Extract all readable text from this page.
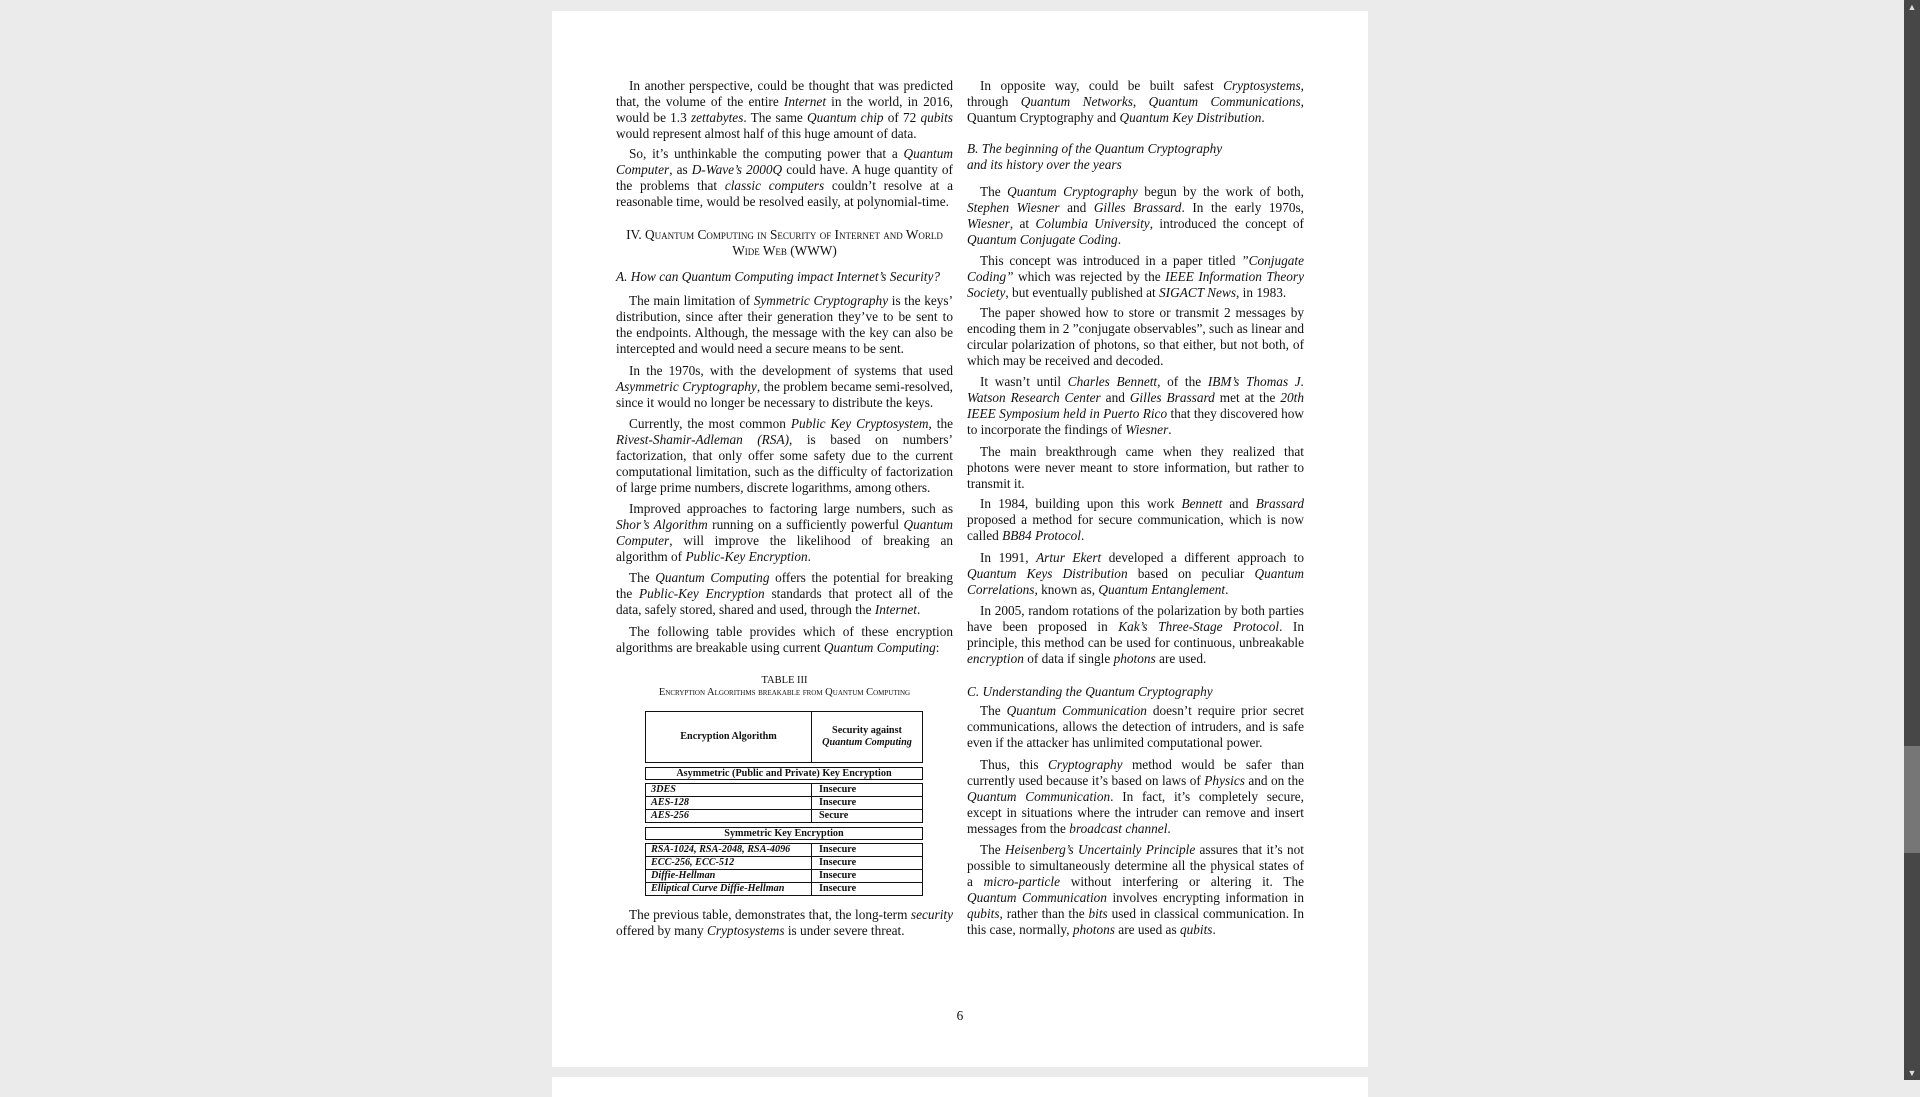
In another perspective, could be thought that was predicted that, the volume of the entire Internet in the world, in 2016, would be 1.3 zettabytes. The same Quantum chip of 72 qubits would represent almost half of this huge amount of data.

So, it’s unthinkable the computing power that a Quantum Computer, as D-Wave’s 2000Q could have. A huge quantity of the problems that classic computers couldn’t resolve at a reasonable time, would be resolved easily, at polynomial-time.

IV. Quantum Computing in Security of Internet and World Wide Web (WWW)
A. How can Quantum Computing impact Internet’s Security?

The main limitation of Symmetric Cryptography is the keys’ distribution, since after their generation they’ve to be sent to the endpoints. Although, the message with the key can also be intercepted and would need a secure means to be sent.

In the 1970s, with the development of systems that used Asymmetric Cryptography, the problem became semi-resolved, since it would no longer be necessary to distribute the keys.

Currently, the most common Public Key Cryptosystem, the Rivest-Shamir-Adleman (RSA), is based on numbers’ factorization, that only offer some safety due to the current computational limitation, such as the difficulty of factorization of large prime numbers, discrete logarithms, among others.

Improved approaches to factoring large numbers, such as Shor’s Algorithm running on a sufficiently powerful Quantum Computer, will improve the likelihood of breaking an algorithm of Public-Key Encryption.

The Quantum Computing offers the potential for breaking the Public-Key Encryption standards that protect all of the data, safely stored, shared and used, through the Internet.

The following table provides which of these encryption algorithms are breakable using current Quantum Computing:

TABLE III
Encryption Algorithms breakable from Quantum Computing
Encryption Algorithm
Security against
Quantum Computing
Asymmetric (Public and Private) Key Encryption
3DES	Insecure
AES-128	Insecure
AES-256	Secure
Symmetric Key Encryption
RSA-1024, RSA-2048, RSA-4096	Insecure
ECC-256, ECC-512	Insecure
Diffie-Hellman	Insecure
Elliptical Curve Diffie-Hellman	Insecure

The previous table, demonstrates that, the long-term security offered by many Cryptosystems is under severe threat.

In opposite way, could be built safest Cryptosystems, through Quantum Networks, Quantum Communications, Quantum Cryptography and Quantum Key Distribution.

B. The beginning of the Quantum Cryptography
and its history over the years

The Quantum Cryptography begun by the work of both, Stephen Wiesner and Gilles Brassard. In the early 1970s, Wiesner, at Columbia University, introduced the concept of Quantum Conjugate Coding.

This concept was introduced in a paper titled ”Conjugate Coding” which was rejected by the IEEE Information Theory Society, but eventually published at SIGACT News, in 1983.

The paper showed how to store or transmit 2 messages by encoding them in 2 ”conjugate observables”, such as linear and circular polarization of photons, so that either, but not both, of which may be received and decoded.

It wasn’t until Charles Bennett, of the IBM’s Thomas J. Watson Research Center and Gilles Brassard met at the 20th IEEE Symposium held in Puerto Rico that they discovered how to incorporate the findings of Wiesner.

The main breakthrough came when they realized that photons were never meant to store information, but rather to transmit it.

In 1984, building upon this work Bennett and Brassard proposed a method for secure communication, which is now called BB84 Protocol.

In 1991, Artur Ekert developed a different approach to Quantum Keys Distribution based on peculiar Quantum Correlations, known as, Quantum Entanglement.

In 2005, random rotations of the polarization by both parties have been proposed in Kak’s Three-Stage Protocol. In principle, this method can be used for continuous, unbreakable encryption of data if single photons are used.

C. Understanding the Quantum Cryptography

The Quantum Communication doesn’t require prior secret communications, allows the detection of intruders, and is safe even if the attacker has unlimited computational power.

Thus, this Cryptography method would be safer than currently used because it’s based on laws of Physics and on the Quantum Communication. In fact, it’s completely secure, except in situations where the intruder can remove and insert messages from the broadcast channel.

The Heisenberg’s Uncertainly Principle assures that it’s not possible to simultaneously determine all the physical states of a micro-particle without interfering or altering it. The Quantum Communication involves encrypting information in qubits, rather than the bits used in classical communication. In this case, normally, photons are used as qubits.

6
▲
▼
